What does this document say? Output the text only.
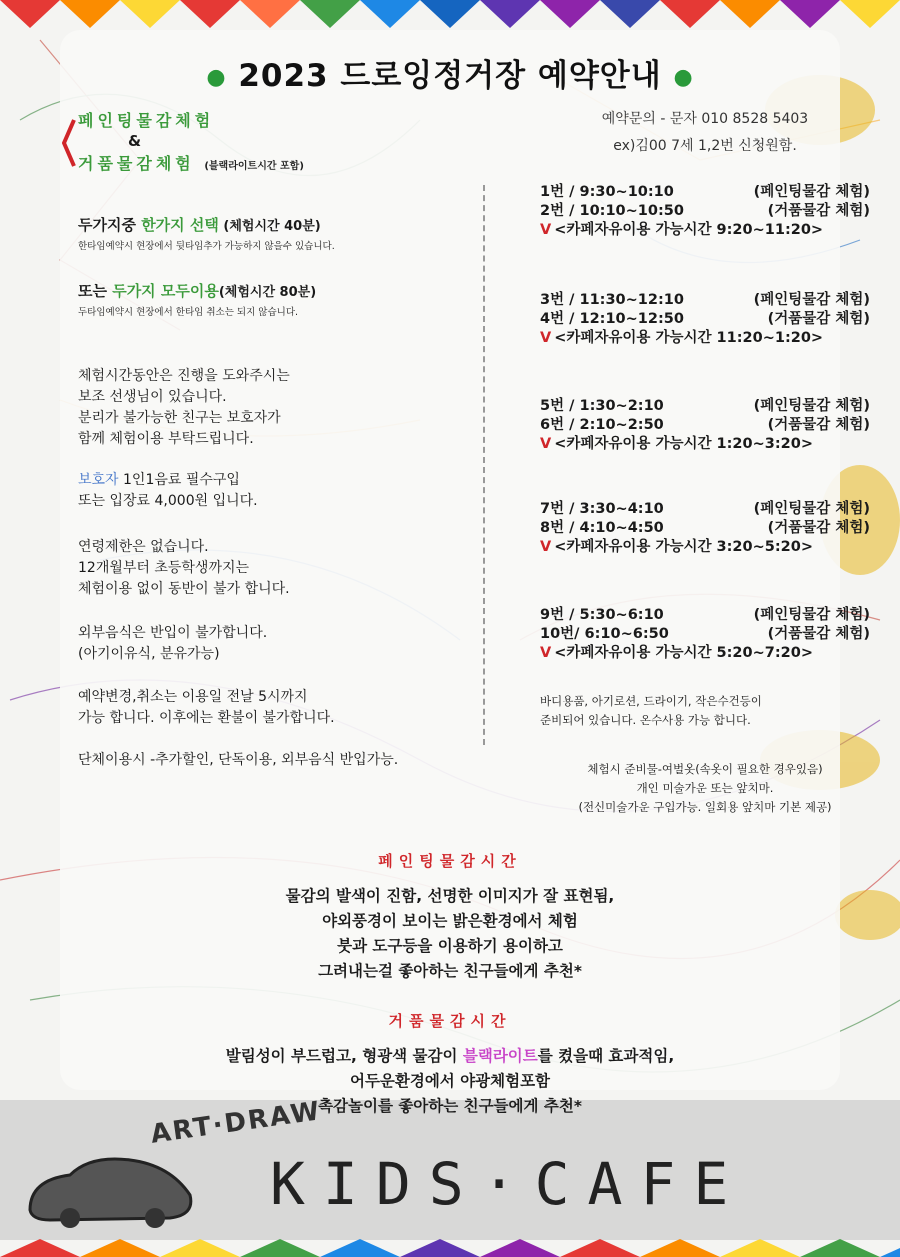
● 2023 드로잉정거장 예약안내 ●
페인팅물감체험
&
거품물감체험 (블랙라이트시간 포함)
두가지중 한가지 선택 (체험시간 40분)
한타임예약시 현장에서 뒷타임추가 가능하지 않을수 있습니다.
또는 두가지 모두이용(체험시간 80분)
두타임예약시 현장에서 한타임 취소는 되지 않습니다.
체험시간동안은 진행을 도와주시는
보조 선생님이 있습니다.
분리가 불가능한 친구는 보호자가
함께 체험이용 부탁드립니다.
보호자 1인1음료 필수구입
또는 입장료 4,000원 입니다.
연령제한은 없습니다.
12개월부터 초등학생까지는
체험이용 없이 동반이 불가 합니다.
외부음식은 반입이 불가합니다.
(아기이유식, 분유가능)
예약변경,취소는 이용일 전날 5시까지
가능 합니다. 이후에는 환불이 불가합니다.
단체이용시 -추가할인, 단독이용, 외부음식 반입가능.
예약문의 - 문자 010 8528 5403
ex)김00 7세 1,2번 신청원함.
1번 / 9:30~10:10	(페인팅물감 체험)
2번 / 10:10~10:50	(거품물감 체험)
V <카페자유이용 가능시간 9:20~11:20>
3번 / 11:30~12:10	(페인팅물감 체험)
4번 / 12:10~12:50	(거품물감 체험)
V <카페자유이용 가능시간 11:20~1:20>
5번 / 1:30~2:10	(페인팅물감 체험)
6번 / 2:10~2:50	(거품물감 체험)
V <카페자유이용 가능시간 1:20~3:20>
7번 / 3:30~4:10	(페인팅물감 체험)
8번 / 4:10~4:50	(거품물감 체험)
V <카페자유이용 가능시간 3:20~5:20>
9번 / 5:30~6:10	(페인팅물감 체험)
10번/ 6:10~6:50	(거품물감 체험)
V <카페자유이용 가능시간 5:20~7:20>
바디용품, 아기로션, 드라이기, 작은수건등이
준비되어 있습니다. 온수사용 가능 합니다.
체험시 준비물-여벌옷(속옷이 필요한 경우있음)
개인 미술가운 또는 앞치마.
(전신미술가운 구입가능. 일회용 앞치마 기본 제공)
페인팅물감시간
물감의 발색이 진함, 선명한 이미지가 잘 표현됨,
야외풍경이 보이는 밝은환경에서 체험
붓과 도구등을 이용하기 용이하고
그려내는걸 좋아하는 친구들에게 추천*
거품물감시간
발림성이 부드럽고, 형광색 물감이 블랙라이트를 켰을때 효과적임,
어두운환경에서 야광체험포함
촉감놀이를 좋아하는 친구들에게 추천*
ART·DRAW
KIDS·CAFE
